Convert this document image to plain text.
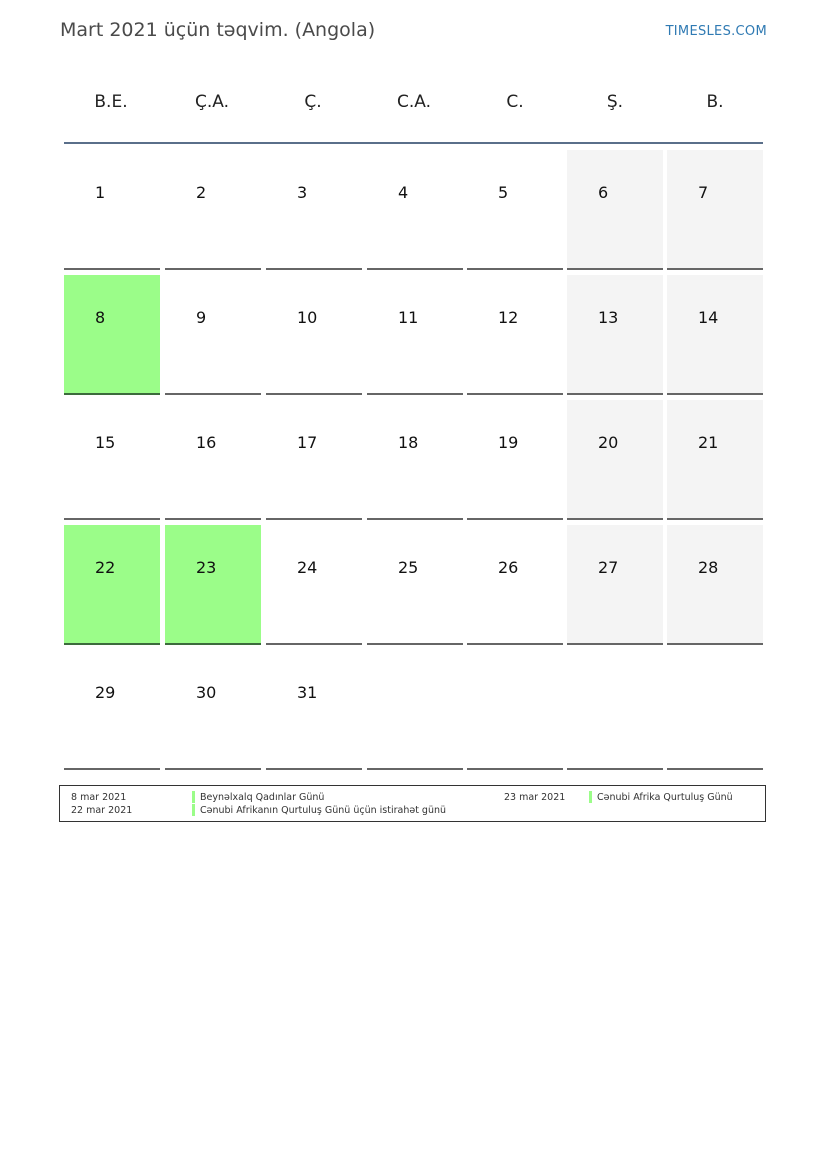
Mart 2021 üçün təqvim. (Angola)	TIMESLES.COM
B.E.	Ç.A.	Ç.	C.A.	C.	Ş.	B.
1	2	3	4	5	6	7
8	9	10	11	12	13	14
15	16	17	18	19	20	21
22	23	24	25	26	27	28
29	30	31
8 mar 2021	Beynəlxalq Qadınlar Günü
22 mar 2021	Cənubi Afrikanın Qurtuluş Günü üçün istirahət günü
23 mar 2021	Cənubi Afrika Qurtuluş Günü
